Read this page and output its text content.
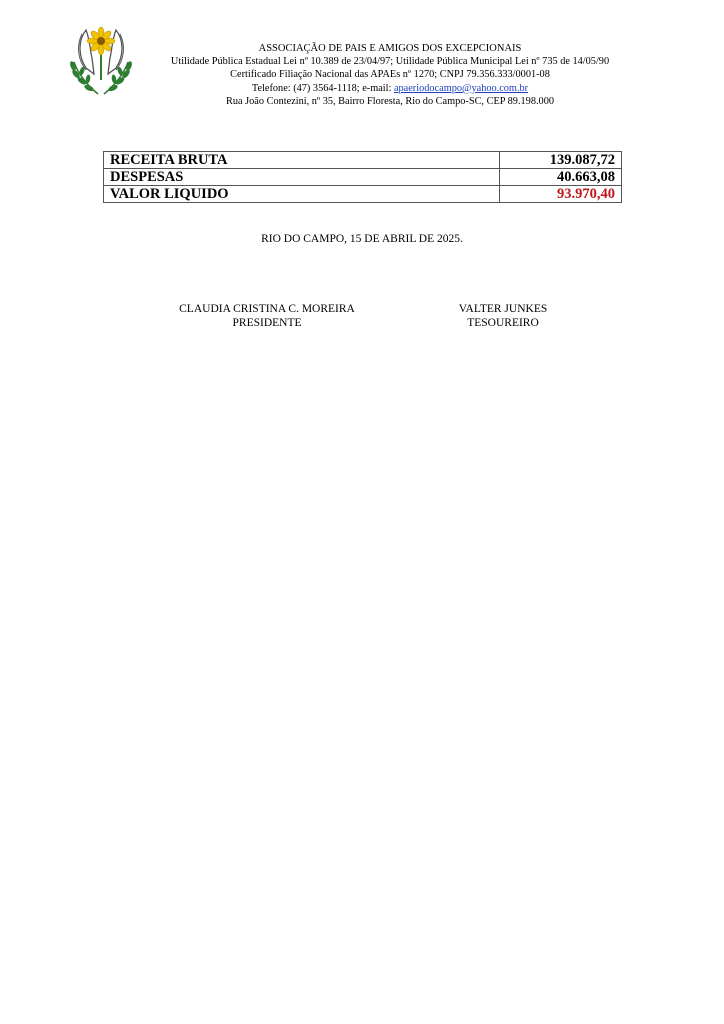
ASSOCIAÇÃO DE PAIS E AMIGOS DOS EXCEPCIONAIS
Utilidade Pública Estadual Lei nº 10.389 de 23/04/97; Utilidade Pública Municipal Lei nº 735 de 14/05/90
Certificado Filiação Nacional das APAEs nº 1270; CNPJ 79.356.333/0001-08
Telefone: (47) 3564-1118; e-mail: apaeriodocampo@yahoo.com.br
Rua João Contezini, nº 35, Bairro Floresta, Rio do Campo-SC, CEP 89.198.000
RECEITA BRUTA	139.087,72
DESPESAS	40.663,08
VALOR LIQUIDO	93.970,40
RIO DO CAMPO, 15 DE ABRIL DE 2025.
CLAUDIA CRISTINA C. MOREIRA
PRESIDENTE
VALTER JUNKES
TESOUREIRO
